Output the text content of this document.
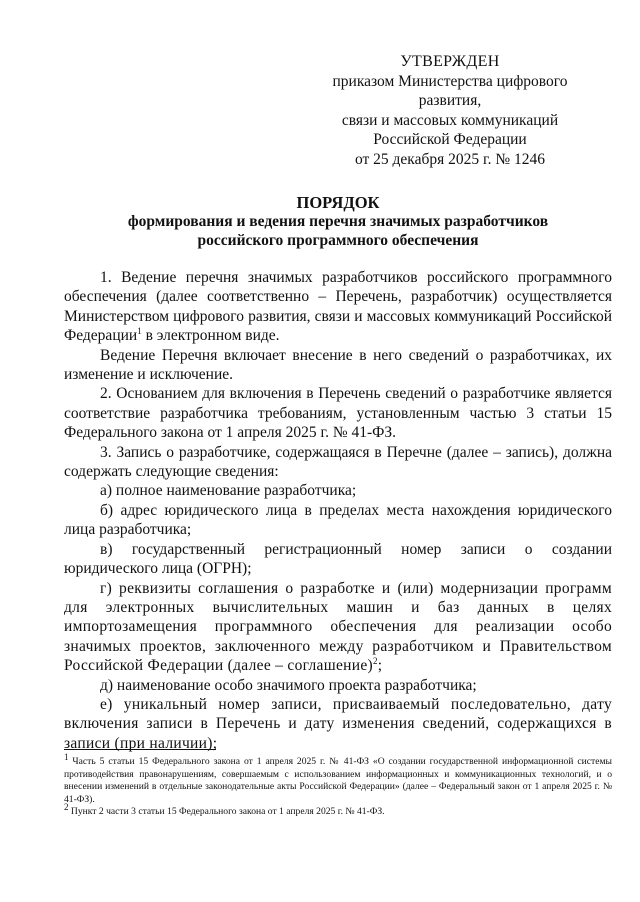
УТВЕРЖДЕН
приказом Министерства цифрового развития,
связи и массовых коммуникаций
Российской Федерации
от 25 декабря 2025 г. № 1246
ПОРЯДОК
формирования и ведения перечня значимых разработчиков
российского программного обеспечения

1. Ведение перечня значимых разработчиков российского программного обеспечения (далее соответственно – Перечень, разработчик) осуществляется Министерством цифрового развития, связи и массовых коммуникаций Российской Федерации$^1$ в электронном виде.

Ведение Перечня включает внесение в него сведений о разработчиках, их изменение и исключение.

2. Основанием для включения в Перечень сведений о разработчике является соответствие разработчика требованиям, установленным частью 3 статьи 15 Федерального закона от 1 апреля 2025 г. № 41-ФЗ.

3. Запись о разработчике, содержащаяся в Перечне (далее – запись), должна содержать следующие сведения:

а) полное наименование разработчика;

б) адрес юридического лица в пределах места нахождения юридического лица разработчика;

в) государственный регистрационный номер записи о создании юридического лица (ОГРН);

г) реквизиты соглашения о разработке и (или) модернизации программ для электронных вычислительных машин и баз данных в целях импортозамещения программного обеспечения для реализации особо значимых проектов, заключенного между разработчиком и Правительством Российской Федерации (далее – соглашение)$^2$;

д) наименование особо значимого проекта разработчика;

е) уникальный номер записи, присваиваемый последовательно, дату включения записи в Перечень и дату изменения сведений, содержащихся в записи (при наличии);

$^1$ Часть 5 статьи 15 Федерального закона от 1 апреля 2025 г. № 41-ФЗ «О создании государственной информационной системы противодействия правонарушениям, совершаемым с использованием информационных и коммуникационных технологий, и о внесении изменений в отдельные законодательные акты Российской Федерации» (далее – Федеральный закон от 1 апреля 2025 г. № 41-ФЗ).

$^2$ Пункт 2 части 3 статьи 15 Федерального закона от 1 апреля 2025 г. № 41-ФЗ.
